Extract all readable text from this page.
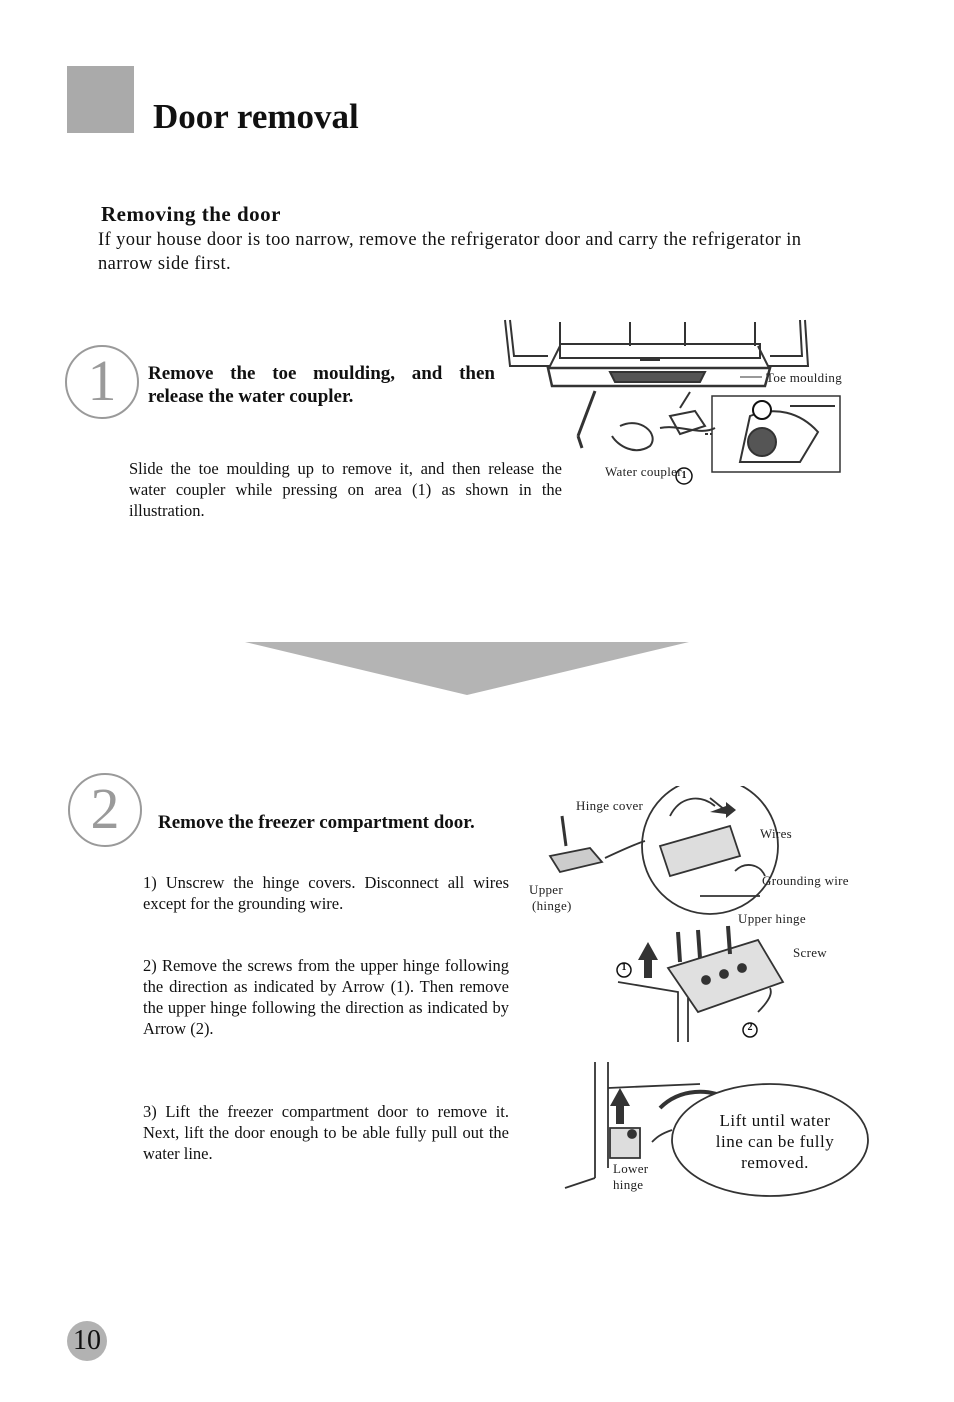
Door removal
Removing the door
If your house door is too narrow, remove the refrigerator door and carry the refrigerator in narrow side first.
1	Remove the toe moulding, and then release the water coupler.
Slide the toe moulding up to remove it, and then release the water coupler while pressing on area (1) as shown in the illustration.
1
Toe moulding
Water coupler
2	Remove the freezer compartment door.
1) Unscrew the hinge covers. Disconnect all wires except for the grounding wire.
2) Remove the screws from the upper hinge following the direction as indicated by Arrow (1). Then remove the upper hinge following the direction as indicated by Arrow (2).
3) Lift the freezer compartment door to remove it. Next, lift the door enough to be able fully pull out the water line.
Hinge cover
Wires
Upper
(hinge)
Grounding wire
1
2
Upper hinge
Screw
Lift until water
line can be fully
removed.
Lower
hinge
10
